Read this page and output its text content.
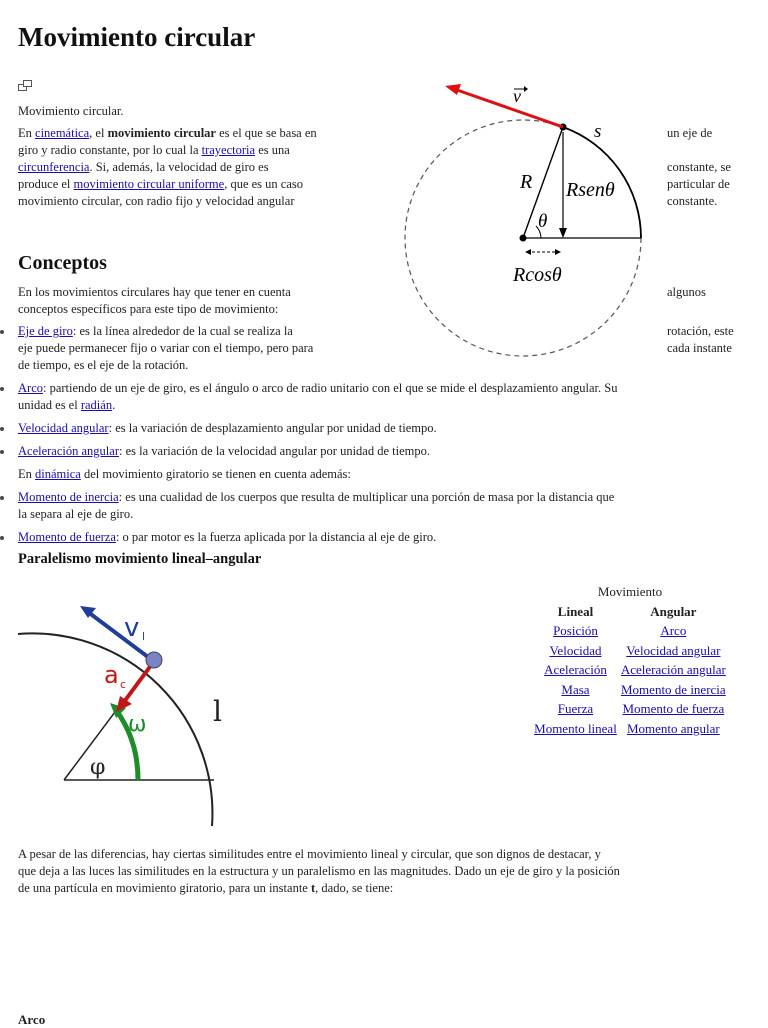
Movimiento circular
Movimiento circular.
En cinemática, el movimiento circular es el que se basa en	un eje de
giro y radio constante, por lo cual la trayectoria es una
circunferencia. Si, además, la velocidad de giro es	constante, se
produce el movimiento circular uniforme, que es un caso	particular de
movimiento circular, con radio fijo y velocidad angular	constante.
v
s
R Rsenθ
θ
Rcosθ
Conceptos
En los movimientos circulares hay que tener en cuenta	algunos
conceptos específicos para este tipo de movimiento:
Eje de giro: es la línea alrededor de la cual se realiza la	rotación, este
eje puede permanecer fijo o variar con el tiempo, pero para	cada instante
de tiempo, es el eje de la rotación.
Arco: partiendo de un eje de giro, es el ángulo o arco de radio unitario con el que se mide el desplazamiento angular. Su
unidad es el radián.
Velocidad angular: es la variación de desplazamiento angular por unidad de tiempo.
Aceleración angular: es la variación de la velocidad angular por unidad de tiempo.
En dinámica del movimiento giratorio se tienen en cuenta además:
Momento de inercia: es una cualidad de los cuerpos que resulta de multiplicar una porción de masa por la distancia que
la separa al eje de giro.
Momento de fuerza: o par motor es la fuerza aplicada por la distancia al eje de giro.
Paralelismo movimiento lineal–angular
v l
a c
ω
φ
l
Movimiento
Lineal	Angular
Posición	Arco
Velocidad	Velocidad angular
Aceleración	Aceleración angular
Masa	Momento de inercia
Fuerza	Momento de fuerza
Momento lineal	Momento angular
A pesar de las diferencias, hay ciertas similitudes entre el movimiento lineal y circular, que son dignos de destacar, y
que deja a las luces las similitudes en la estructura y un paralelismo en las magnitudes. Dado un eje de giro y la posición
de una partícula en movimiento giratorio, para un instante t, dado, se tiene:
Arco
